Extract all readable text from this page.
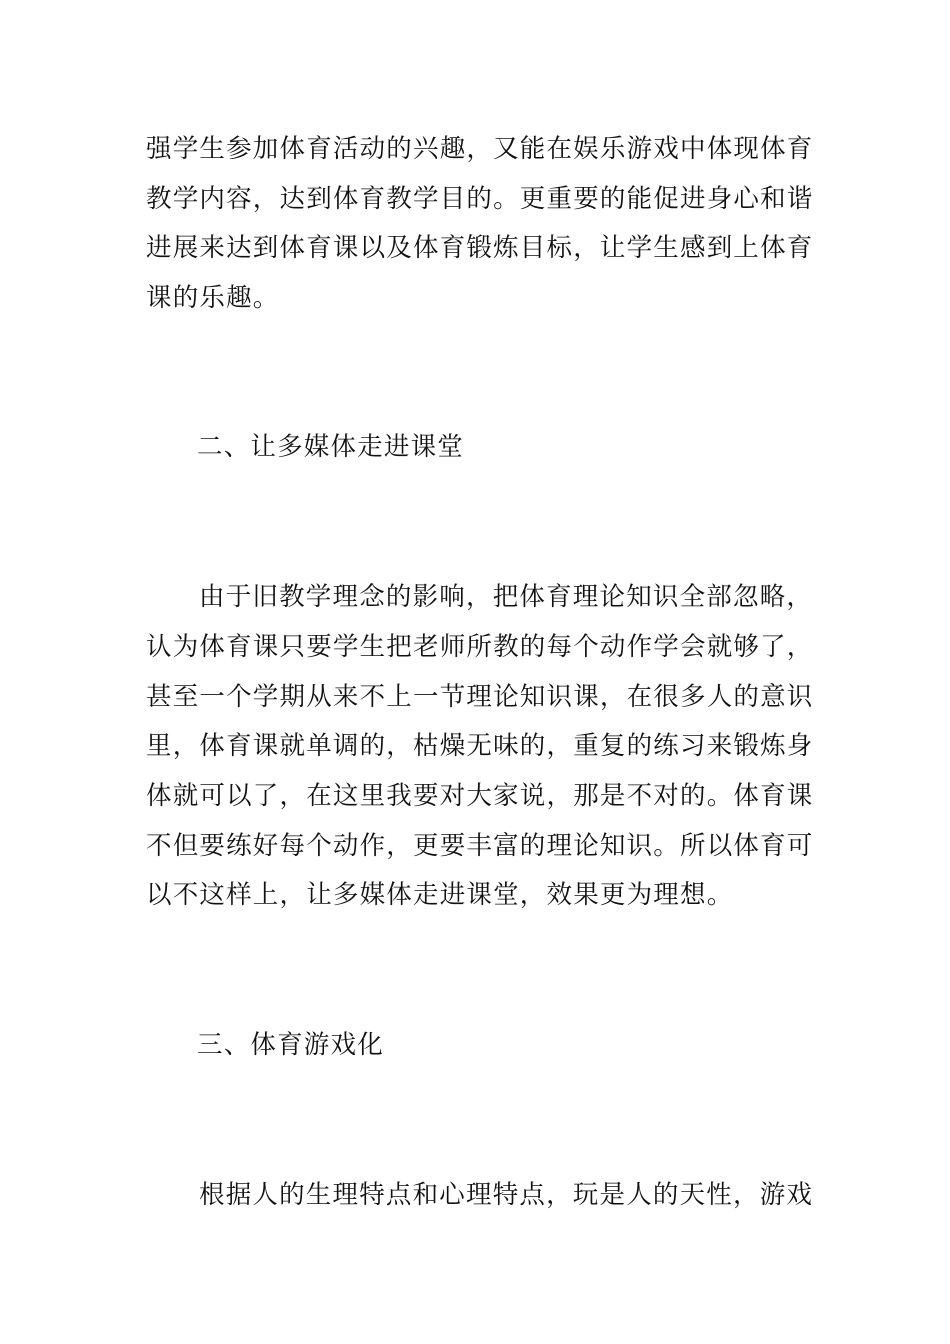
强学生参加体育活动的兴趣，又能在娱乐游戏中体现体育
教学内容，达到体育教学目的。更重要的能促进身心和谐
进展来达到体育课以及体育锻炼目标，让学生感到上体育
课的乐趣。
二、让多媒体走进课堂
由于旧教学理念的影响，把体育理论知识全部忽略，
认为体育课只要学生把老师所教的每个动作学会就够了，
甚至一个学期从来不上一节理论知识课，在很多人的意识
里，体育课就单调的，枯燥无味的，重复的练习来锻炼身
体就可以了，在这里我要对大家说，那是不对的。体育课
不但要练好每个动作，更要丰富的理论知识。所以体育可
以不这样上，让多媒体走进课堂，效果更为理想。
三、体育游戏化
根据人的生理特点和心理特点，玩是人的天性，游戏
